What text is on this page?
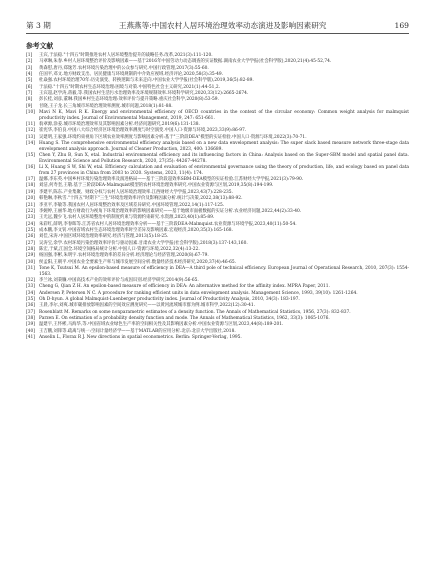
第 3 期	王燕燕等:中国农村人居环境治理效率动态演进及影响因素研究	169
参考文献
[1]	王宾,于法稳."十四五"时期推进农村人居环境整治提升的战略任务.改革,2021(3):111-120.
[2]	马翠琳,朱春.乡村人居环境整治评价及影响因素——基于2016年中国劳动力动态调查的实证数据.湖南农业大学学报(社会科学版),2020,21(4):45-52,74.
[3]	黄森慰,唐丹,郑逸芳.农村环境污染治理中的公众参与研究.中国行政管理,2017(3):55-60.
[4]	任国平,邓文.地方财政支出、居民健康与环境规制的中介效应视域.经济评论,2020,58(3):35-49.
[5]	杜焱强.农村环境治理70年:历史演变、转换逻辑与未来走向.中国农业大学学报(社会科学版),2019,36(5):82-89.
[6]	于法稳."十四五"时期农村生态环境治理:困境与对策.中国特色社会主义研究,2021(1):44-51,2.
[7]	王宾超,赵学涛,蒋毅,等.我国农村生活污水治理效率及环境规制效率.环境科学研究,2020,33(12):2665-2674.
[8]	彭长桂,刘彦,董琳.我国乡村生态环境治理:效率评价与提升策略.重庆社会科学,2020(8):53-59.
[9]	甘晓,王子龙.长三角城市环境治理效率测度.城市问题,2018(1):81-88.
[10] Mavi N K, Mavi R K. Energy and environmental efficiency of OECD countries in the context of the circular economy: Common weight analysis for malmquist productivity index. Journal of Environmental Management, 2019, 247: 651-661.
[11] 翁翠源,涂姜.城市环境治理效率及其影响因素分析.经济问题研究,2019(6):131-138.
[12] 崔宪华,李伯良.中国八大综合经济区环境治理效率测度与时空演变.中国人口·资源与环境,2023,33(9):86-97.
[13] 吴建明,王家强.环境约束视角下区域农业效率测度与影响因素分析:基于"三阶段DEA"模型的实证检验.中国人口·资源与环境,2022(3):70-71.
[14] Huang S. The comprehensive environmental efficiency analysis based on a new data envelopment analysis: The super slack based measure network three-stage data envelopment analysis approach. Journal of Cleaner Production, 2023, 400: 136689.
[15] Chen Y, Zhu B, Sun X, etal. Industrial environmental efficiency and its influencing factors in China: Analysis based on the Super-SBM model and spatial panel data. Environmental Science and Pollution Research, 2020, 27(35): 44267-44278.
[16] Li X, Huang S W, Shi W, etal. Efficiency calculation and evaluation of environmental governance using the theory of production, life, and ecology based on panel data from 27 provinces in China from 2003 to 2020. Systems, 2023, 11(4): 174.
[17] 温娜,李东英.中国乡村环境污染治理效率及演进格局——基于三阶段超效率SBM-DEA模型的实证检验.江苏财经大学学报,2021(3):79-90.
[18] 刘洁,何寿奎,王敬.基于三阶段DEA-Malmquist模型的农村环境治理效率研究.中国农业资源与区划,2019,35(8):194-199.
[19] 李建平,陈东.产业集聚、财政分权与农村人居环境治理效率.江西财经大学学报,2023,43(7):228-235.
[20] 韩艳琳,李秋雪."十四五"时期下"三生"环境治理效率评价及影响因素分析.统计与决策,2022,38(13):88-92.
[21] 李亚平,李敏等.我国农村人居环境整治效率及区域差异研究.中国环境管理,2022,14(1):117-125.
[22] 李婉婷,王丽华.地方财政行为视角下环境治理效率的影响因素研究——基于地级市面板数据的实证分析.农业经济问题,2022,44(2):33-40.
[23] 王光远,魏少飞.农村人居环境整治中的制度约束与资源约束研究.水资源,2023,40(1):85-89.
[24] 朱彩红,薛明,李春晖等.江苏省农村人居环境治理效率分析——基于三阶段DEA-Malmquist.农业资源与环境学报,2023,40(11):50-54.
[25] 成本鹏,李文钊.中国省域农村生态环境治理效率时空差异及影响因素.宏观经济,2020,35(3):165-168.
[26] 刘佳,宋涛.中国区域环境治理效率研究.经济与管理,2013(5):18-25.
[27] 吴涛宝,余学.农村环境污染治理效率评价与驱动因素.甘肃农业大学学报(社会科学版),2018(3):137-143,160.
[28] 陈宏,于斌,江国全.环境空间格局统计分析.中国人口·资源与环境,2022,32(4):13-22.
[29] 杨国强,李彬,朱明宇.农村环境治理效率的差异分析.经济理论与经济管理,2020(8):67-79.
[30] 侯孟阳,王朝平.中国农业全要素生产率与城市发展空间分析.数量经济技术经济研究,2020,37(4):46-65.
[31] Tone K, Tsutsui M. An epsilon-based measure of efficiency in DEA—A third pole of technical efficiency. European Journal of Operational Research, 2010, 207(3): 1554-1563.
[32] 李兰冰,刘秉镰.中国高技术产业的效率评价与成因识别.经济学研究,2014(9):56-65.
[33] Cheng G, Qian Z H. An epsilon-based measure of efficiency in DEA: An alternative method for the affinity index. MPRA Paper, 2011.
[34] Andersen P, Petersen N C. A procedure for ranking efficient units in data envelopment analysis. Management Science, 1993, 39(10): 1261-1264.
[35] Oh D-hyun. A global Malmquist-Luenberger productivity index. Journal of Productivity Analysis, 2010, 34(3): 183-197.
[36] 王晨,李尔,刘爽.城市碳排放影响因素的空间效应测度研究——以黄河流域城市群为例.城市科学,2022(12):30-41.
[37] Rosenblatt M. Remarks on some nonparametric estimates of a density function. The Annals of Mathematical Statistics, 1956, 27(3): 832-837.
[38] Parzen E. On estimation of a probability density function and mode. The Annals of Mathematical Statistics, 1962, 33(3): 1065-1076.
[39] 温建宇,王怀彬,马海华,等.中国省域农业绿色生产率的空间相关性及其影响因素分析.中国农业资源与区划,2023,44(8):189-201.
[40] 王吉鹏,刘锋等.疏离与统一:空间计量经济学——基于MATLAB的应用分析.北京:北京大学出版社,2018.
[41] Anselin L, Florax R J. New directions in spatial econometrics. Berlin: Springer-Verlag, 1995.
